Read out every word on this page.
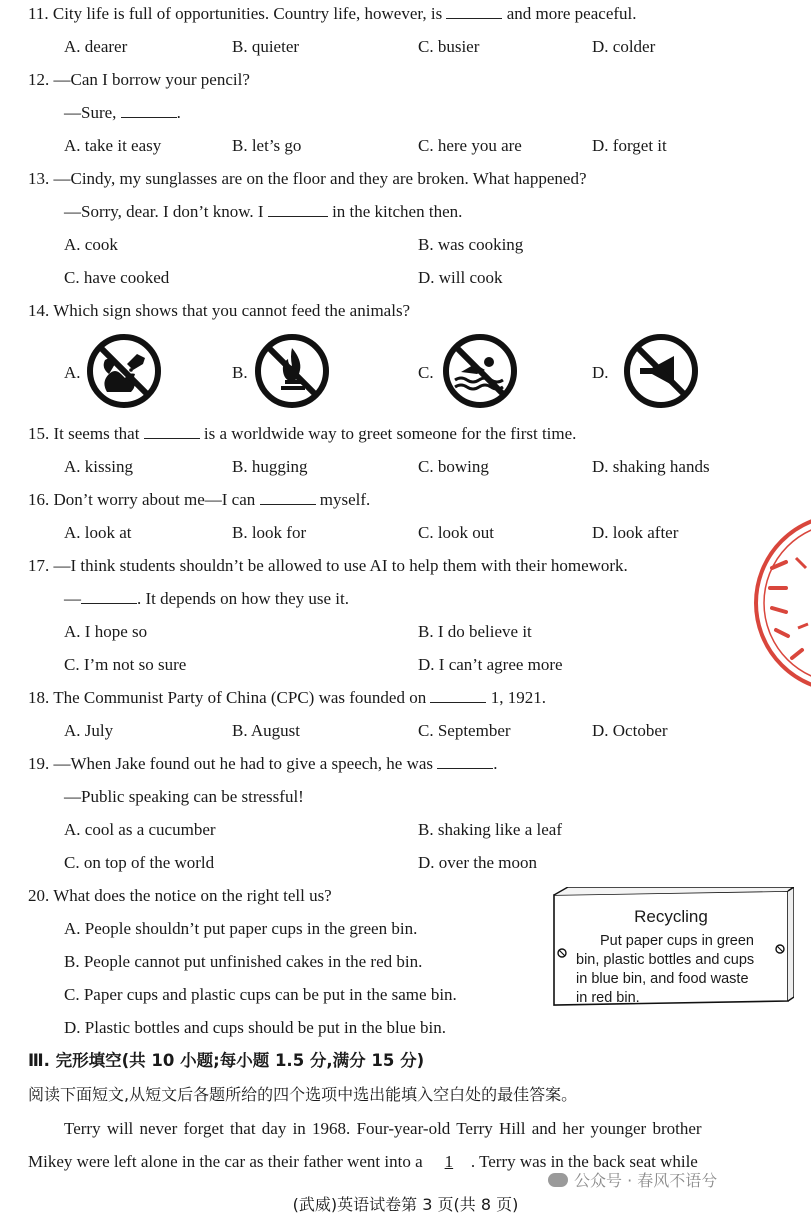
11. City life is full of opportunities. Country life, however, is	and more peaceful.
A. dearer	B. quieter	C. busier	D. colder
12. —Can I borrow your pencil?
—Sure,	.
A. take it easy	B. let’s go	C. here you are	D. forget it
13. —Cindy, my sunglasses are on the floor and they are broken. What happened?
—Sorry, dear. I don’t know. I	in the kitchen then.
A. cook	B. was cooking
C. have cooked	D. will cook
14. Which sign shows that you cannot feed the animals?
A.	B.	C.	D.
15. It seems that	is a worldwide way to greet someone for the first time.
A. kissing	B. hugging	C. bowing	D. shaking hands
16. Don’t worry about me—I can	myself.
A. look at	B. look for	C. look out	D. look after
17. —I think students shouldn’t be allowed to use AI to help them with their homework.
—	. It depends on how they use it.
A. I hope so	B. I do believe it
C. I’m not so sure	D. I can’t agree more
18. The Communist Party of China (CPC) was founded on	1, 1921.
A. July	B. August	C. September	D. October
19. —When Jake found out he had to give a speech, he was	.
—Public speaking can be stressful!
A. cool as a cucumber	B. shaking like a leaf
C. on top of the world	D. over the moon
20. What does the notice on the right tell us?
A. People shouldn’t put paper cups in the green bin.
B. People cannot put unfinished cakes in the red bin.
C. Paper cups and plastic cups can be put in the same bin.
D. Plastic bottles and cups should be put in the blue bin.
Recycling
Put paper cups in green
bin, plastic bottles and cups
in blue bin, and food waste
in red bin.
Ⅲ. 完形填空(共 10 小题;每小题 1.5 分,满分 15 分)
阅读下面短文,从短文后各题所给的四个选项中选出能填入空白处的最佳答案。
Terry will never forget that day in 1968. Four-year-old Terry Hill and her younger brother
Mikey were left alone in the car as their father went into a 1 . Terry was in the back seat while
公众号 · 春风不语兮
(武威)英语试卷第 3 页(共 8 页)
